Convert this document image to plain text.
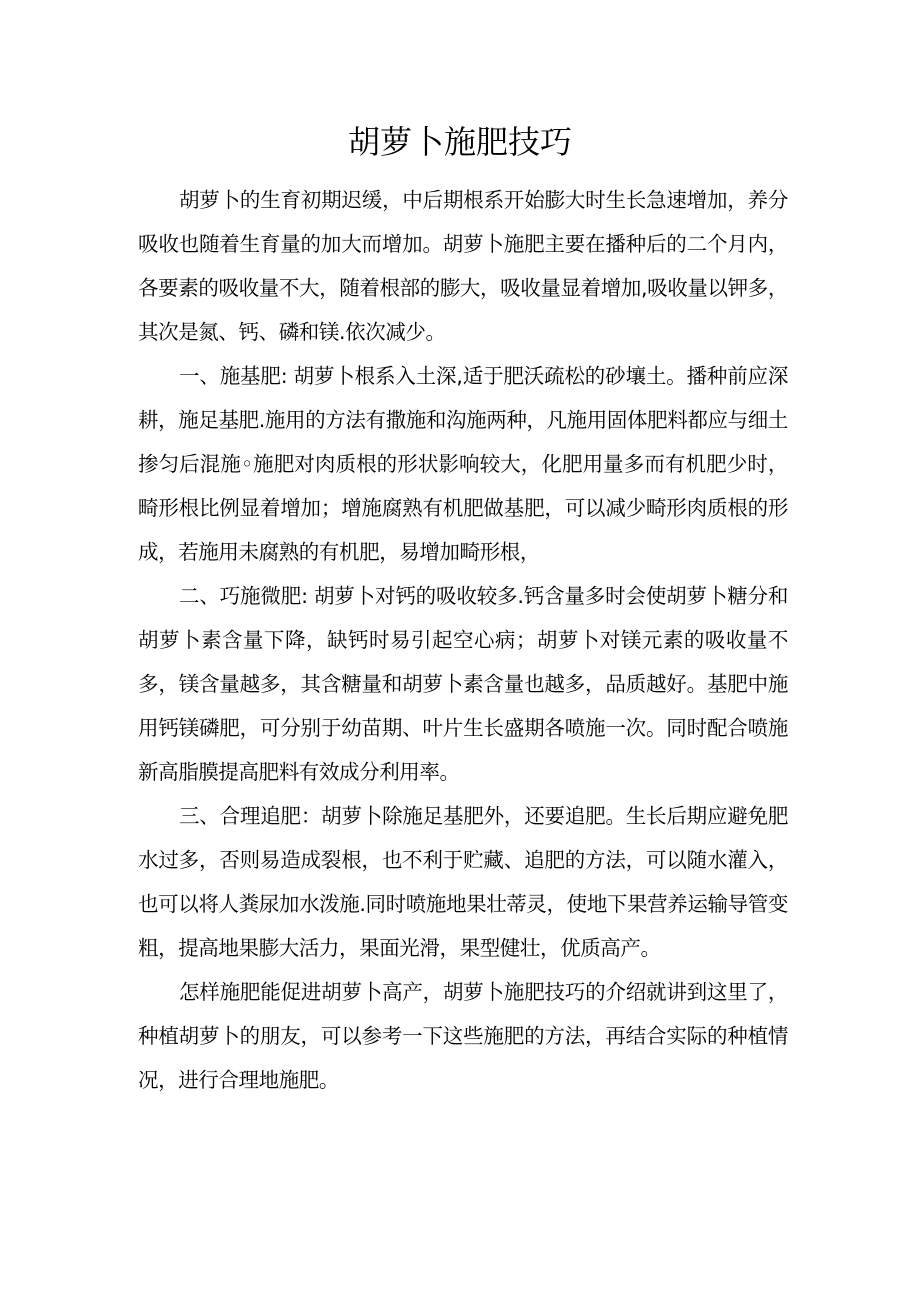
胡萝卜施肥技巧

胡萝卜的生育初期迟缓，中后期根系开始膨大时生长急速增加，养分吸收也随着生育量的加大而增加。胡萝卜施肥主要在播种后的二个月内，各要素的吸收量不大，随着根部的膨大，吸收量显着增加,吸收量以钾多，其次是氮、钙、磷和镁.依次减少。

一、施基肥: 胡萝卜根系入土深,适于肥沃疏松的砂壤土。播种前应深耕，施足基肥.施用的方法有撒施和沟施两种，凡施用固体肥料都应与细土掺匀后混施◦施肥对肉质根的形状影响较大，化肥用量多而有机肥少时，畸形根比例显着增加；增施腐熟有机肥做基肥，可以减少畸形肉质根的形成，若施用未腐熟的有机肥，易增加畸形根，

二、巧施微肥: 胡萝卜对钙的吸收较多.钙含量多时会使胡萝卜糖分和胡萝卜素含量下降，缺钙时易引起空心病；胡萝卜对镁元素的吸收量不多，镁含量越多，其含糖量和胡萝卜素含量也越多，品质越好。基肥中施用钙镁磷肥，可分别于幼苗期、叶片生长盛期各喷施一次。同时配合喷施新高脂膜提高肥料有效成分利用率。

三、合理追肥：胡萝卜除施足基肥外，还要追肥。生长后期应避免肥水过多，否则易造成裂根，也不利于贮藏、追肥的方法，可以随水灌入，也可以将人粪尿加水泼施.同时喷施地果壮蒂灵，使地下果营养运输导管变粗，提高地果膨大活力，果面光滑，果型健壮，优质高产。

怎样施肥能促进胡萝卜高产，胡萝卜施肥技巧的介绍就讲到这里了，种植胡萝卜的朋友，可以参考一下这些施肥的方法，再结合实际的种植情况，进行合理地施肥。
